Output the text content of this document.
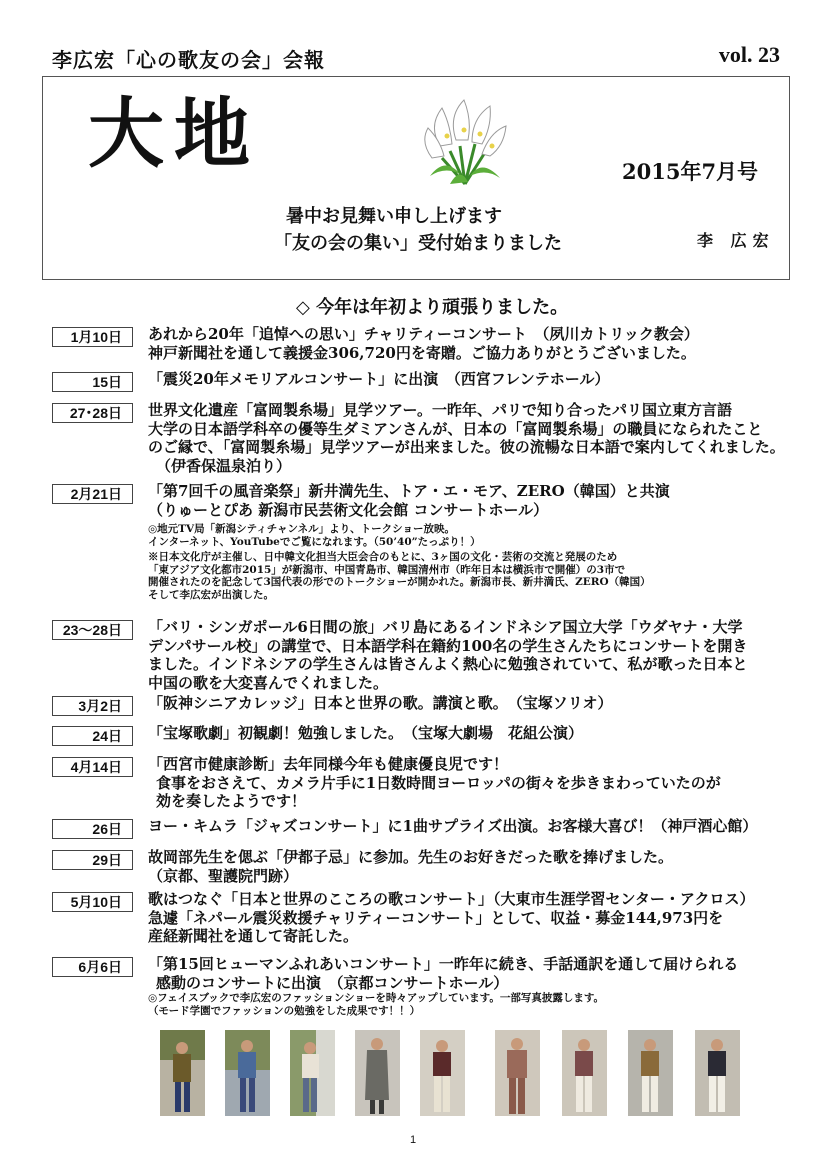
李広宏「心の歌友の会」会報	vol. 23
大地	2015年7月号
暑中お見舞い申し上げます
「友の会の集い」受付始まりました	李 広宏
◇ 今年は年初より頑張りました。
1月10日	あれから20年「追悼への思い」チャリティーコンサート　（夙川カトリック教会）

神戸新聞社を通して義援金306,720円を寄贈。ご協力ありがとうございました。

15日	「震災20年メモリアルコンサート」に出演　（西宮フレンテホール）

27･28日	世界文化遺産「富岡製糸場」見学ツアー。一昨年、パリで知り合ったパリ国立東方言語

大学の日本語学科卒の優等生ダミアンさんが、日本の「富岡製糸場」の職員になられたこと

のご縁で、「富岡製糸場」見学ツアーが出来ました。彼の流暢な日本語で案内してくれました。

（伊香保温泉泊り）

2月21日	「第7回千の風音楽祭」新井満先生、トア・エ・モア、ZERO（韓国）と共演

（りゅーとぴあ 新潟市民芸術文化会館 コンサートホール）

◎地元TV局「新潟シティチャンネル」より、トークショー放映。

インターネット、YouTubeでご覧になれます。（50’40”たっぷり！）

※日本文化庁が主催し、日中韓文化担当大臣会合のもとに、3ヶ国の文化・芸術の交流と発展のため

「東アジア文化都市2015」が新潟市、中国青島市、韓国清州市（昨年日本は横浜市で開催）の3市で

開催されたのを記念して3国代表の形でのトークショーが開かれた。新潟市長、新井満氏、ZERO（韓国）

そして李広宏が出演した。

23～28日	「バリ・シンガポール6日間の旅」バリ島にあるインドネシア国立大学「ウダヤナ・大学

デンパサール校」の講堂で、日本語学科在籍約100名の学生さんたちにコンサートを開き

ました。インドネシアの学生さんは皆さんよく熱心に勉強されていて、私が歌った日本と

中国の歌を大変喜んでくれました。

3月2日	「阪神シニアカレッジ」日本と世界の歌。講演と歌。　（宝塚ソリオ）

24日	「宝塚歌劇」初観劇！勉強しました。　（宝塚大劇場　花組公演）

4月14日	「西宮市健康診断」去年同様今年も健康優良児です！

食事をおさえて、カメラ片手に1日数時間ヨーロッパの街々を歩きまわっていたのが

効を奏したようです！

26日	ヨー・キムラ「ジャズコンサート」に1曲サプライズ出演。お客様大喜び！（神戸酒心館）

29日	故岡部先生を偲ぶ「伊都子忌」に参加。先生のお好きだった歌を捧げました。

（京都、聖護院門跡）

5月10日	歌はつなぐ「日本と世界のこころの歌コンサート」（大東市生涯学習センター・アクロス）

急遽「ネパール震災救援チャリティーコンサート」として、収益・募金144,973円を

産経新聞社を通して寄託した。

6月6日	「第15回ヒューマンふれあいコンサート」一昨年に続き、手話通訳を通して届けられる

感動のコンサートに出演　（京都コンサートホール）

◎フェイスブックで李広宏のファッションショーを時々アップしています。一部写真披露します。

（モード学園でファッションの勉強をした成果です！！）

1
